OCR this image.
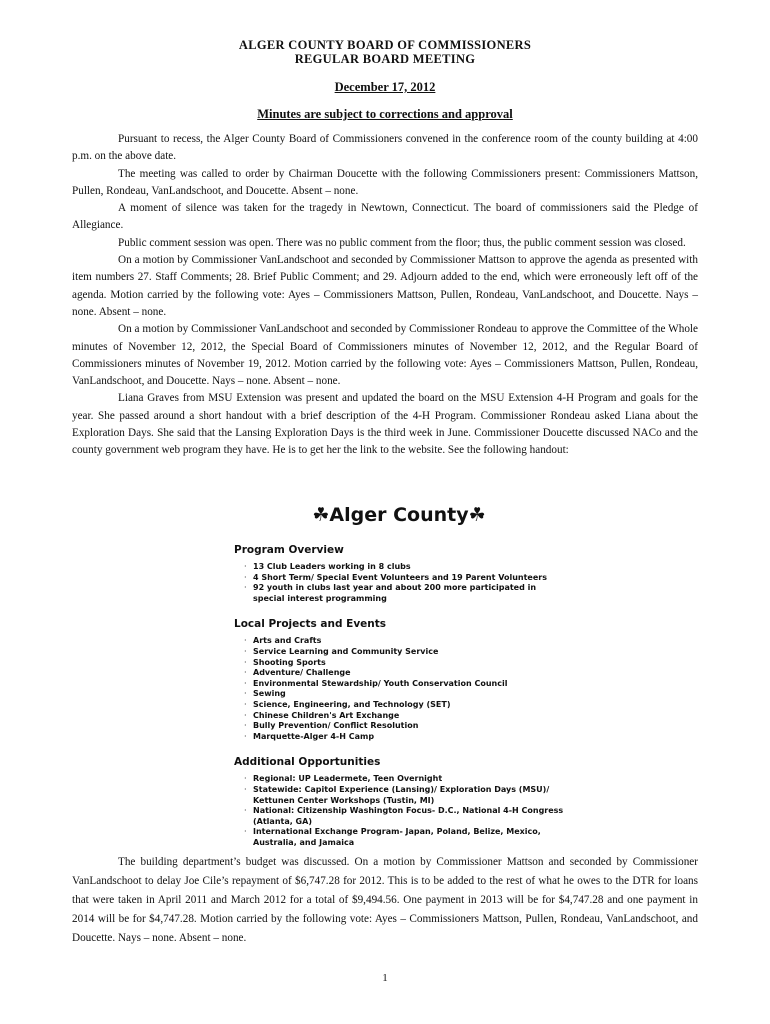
ALGER COUNTY BOARD OF COMMISSIONERS
REGULAR BOARD MEETING
December 17, 2012
Minutes are subject to corrections and approval

Pursuant to recess, the Alger County Board of Commissioners convened in the conference room of the county building at 4:00 p.m. on the above date.

The meeting was called to order by Chairman Doucette with the following Commissioners present: Commissioners Mattson, Pullen, Rondeau, VanLandschoot, and Doucette. Absent – none.

A moment of silence was taken for the tragedy in Newtown, Connecticut. The board of commissioners said the Pledge of Allegiance.

Public comment session was open. There was no public comment from the floor; thus, the public comment session was closed.

On a motion by Commissioner VanLandschoot and seconded by Commissioner Mattson to approve the agenda as presented with item numbers 27. Staff Comments; 28. Brief Public Comment; and 29. Adjourn added to the end, which were erroneously left off of the agenda. Motion carried by the following vote: Ayes – Commissioners Mattson, Pullen, Rondeau, VanLandschoot, and Doucette. Nays – none. Absent – none.

On a motion by Commissioner VanLandschoot and seconded by Commissioner Rondeau to approve the Committee of the Whole minutes of November 12, 2012, the Special Board of Commissioners minutes of November 12, 2012, and the Regular Board of Commissioners minutes of November 19, 2012. Motion carried by the following vote: Ayes – Commissioners Mattson, Pullen, Rondeau, VanLandschoot, and Doucette. Nays – none. Absent – none.

Liana Graves from MSU Extension was present and updated the board on the MSU Extension 4-H Program and goals for the year. She passed around a short handout with a brief description of the 4-H Program. Commissioner Rondeau asked Liana about the Exploration Days. She said that the Lansing Exploration Days is the third week in June. Commissioner Doucette discussed NACo and the county government web program they have. He is to get her the link to the website. See the following handout:

☘Alger County☘
Program Overview
· 13 Club Leaders working in 8 clubs
· 4 Short Term/ Special Event Volunteers and 19 Parent Volunteers
· 92 youth in clubs last year and about 200 more participated in special interest programming
Local Projects and Events
· Arts and Crafts
· Service Learning and Community Service
· Shooting Sports
· Adventure/ Challenge
· Environmental Stewardship/ Youth Conservation Council
· Sewing
· Science, Engineering, and Technology (SET)
· Chinese Children's Art Exchange
· Bully Prevention/ Conflict Resolution
· Marquette-Alger 4-H Camp
Additional Opportunities
· Regional: UP Leadermete, Teen Overnight
· Statewide: Capitol Experience (Lansing)/ Exploration Days (MSU)/ Kettunen Center Workshops (Tustin, MI)
· National: Citizenship Washington Focus- D.C., National 4-H Congress (Atlanta, GA)
· International Exchange Program- Japan, Poland, Belize, Mexico, Australia, and Jamaica

The building department’s budget was discussed. On a motion by Commissioner Mattson and seconded by Commissioner VanLandschoot to delay Joe Cile’s repayment of $6,747.28 for 2012. This is to be added to the rest of what he owes to the DTR for loans that were taken in April 2011 and March 2012 for a total of $9,494.56. One payment in 2013 will be for $4,747.28 and one payment in 2014 will be for $4,747.28. Motion carried by the following vote: Ayes – Commissioners Mattson, Pullen, Rondeau, VanLandschoot, and Doucette. Nays – none. Absent – none.

1
